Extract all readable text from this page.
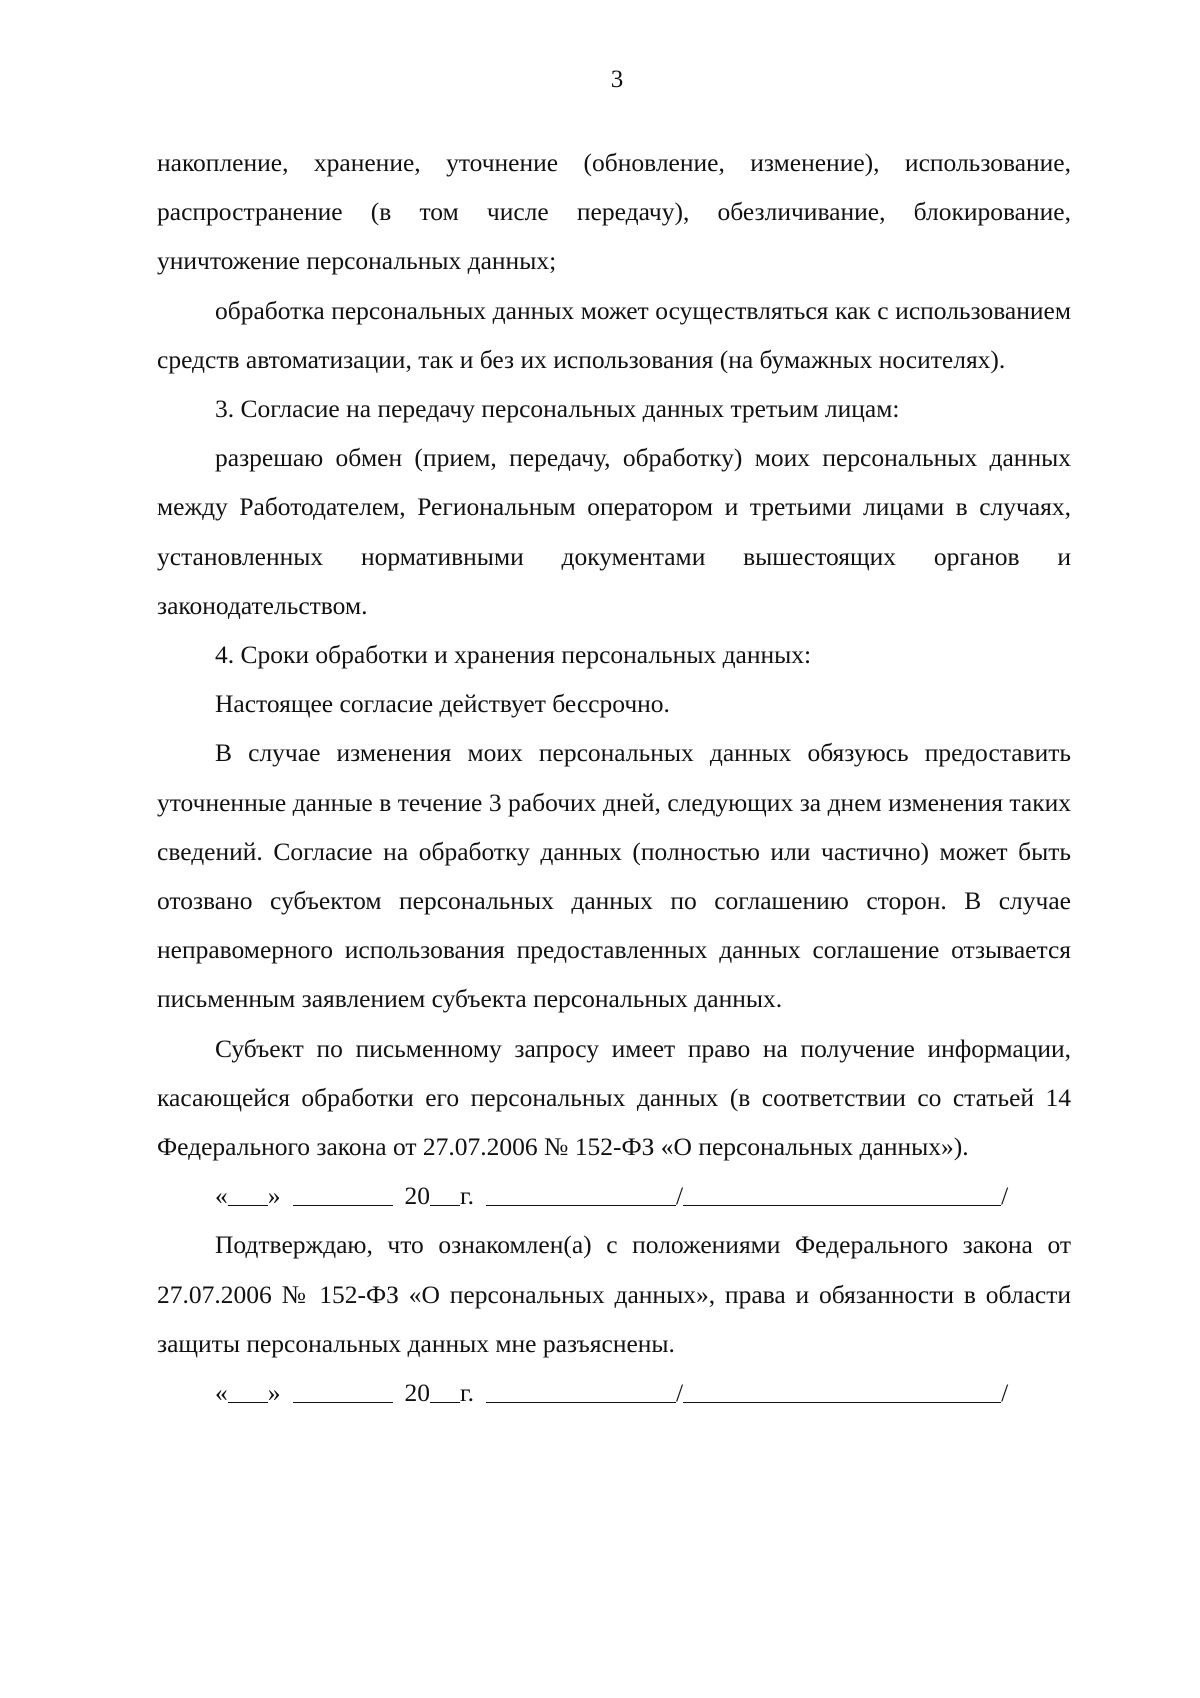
3

накопление, хранение, уточнение (обновление, изменение), использование, распространение (в том числе передачу), обезличивание, блокирование, уничтожение персональных данных;

обработка персональных данных может осуществляться как с использованием средств автоматизации, так и без их использования (на бумажных носителях).

3. Согласие на передачу персональных данных третьим лицам:

разрешаю обмен (прием, передачу, обработку) моих персональных данных между Работодателем, Региональным оператором и третьими лицами в случаях, установленных нормативными документами вышестоящих органов и законодательством.

4. Сроки обработки и хранения персональных данных:

Настоящее согласие действует бессрочно.

В случае изменения моих персональных данных обязуюсь предоставить уточненные данные в течение 3 рабочих дней, следующих за днем изменения таких сведений. Согласие на обработку данных (полностью или частично) может быть отозвано субъектом персональных данных по соглашению сторон. В случае неправомерного использования предоставленных данных соглашение отзывается письменным заявлением субъекта персональных данных.

Субъект по письменному запросу имеет право на получение информации, касающейся обработки его персональных данных (в соответствии со статьей 14 Федерального закона от 27.07.2006 № 152-ФЗ «О персональных данных»).

« »	20 г.	/	/

Подтверждаю, что ознакомлен(а) с положениями Федерального закона от 27.07.2006 № 152-ФЗ «О персональных данных», права и обязанности в области защиты персональных данных мне разъяснены.

« »	20 г.	/	/
